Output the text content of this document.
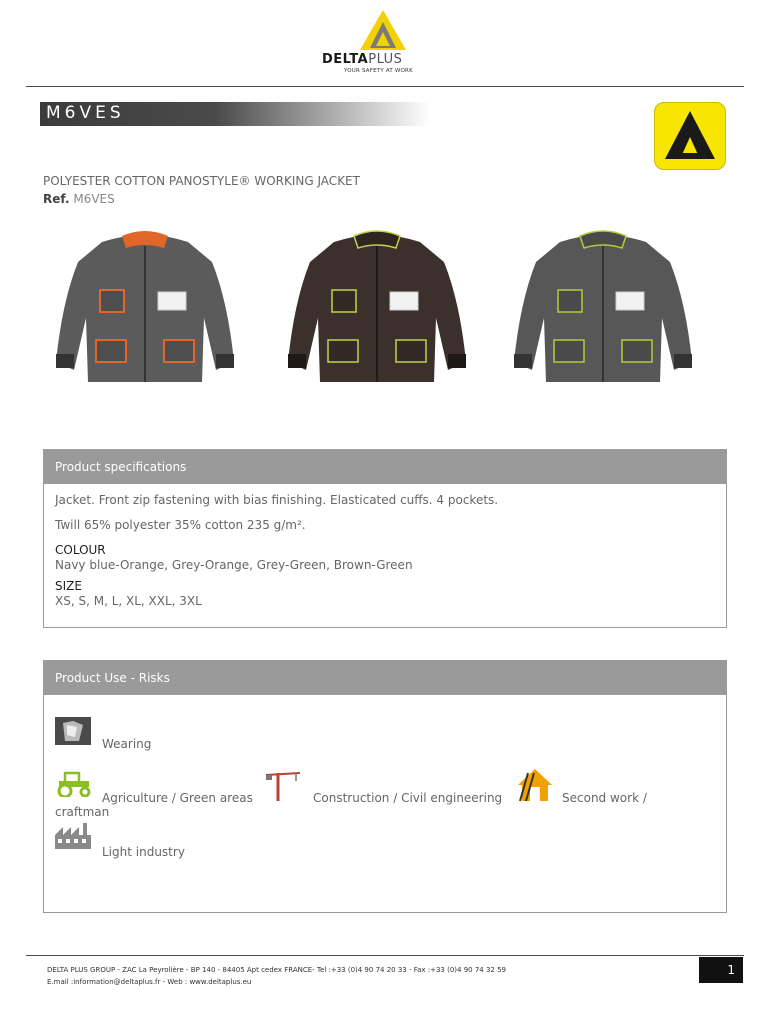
DELTAPLUS
YOUR SAFETY AT WORK
M6VES
POLYESTER COTTON PANOSTYLE® WORKING JACKET
Ref. M6VES
Product specifications
Jacket. Front zip fastening with bias finishing. Elasticated cuffs. 4 pockets.
Twill 65% polyester 35% cotton 235 g/m².
COLOUR
Navy blue-Orange, Grey-Orange, Grey-Green, Brown-Green
SIZE
XS, S, M, L, XL, XXL, 3XL
Product Use - Risks
Wearing
Agriculture / Green areas	Construction / Civil engineering	Second work /
craftman
Light industry
DELTA PLUS GROUP - ZAC La Peyrolière - BP 140 - 84405 Apt cedex FRANCE- Tel :+33 (0)4 90 74 20 33 - Fax :+33 (0)4 90 74 32 59
E.mail :information@deltaplus.fr - Web : www.deltaplus.eu
1
